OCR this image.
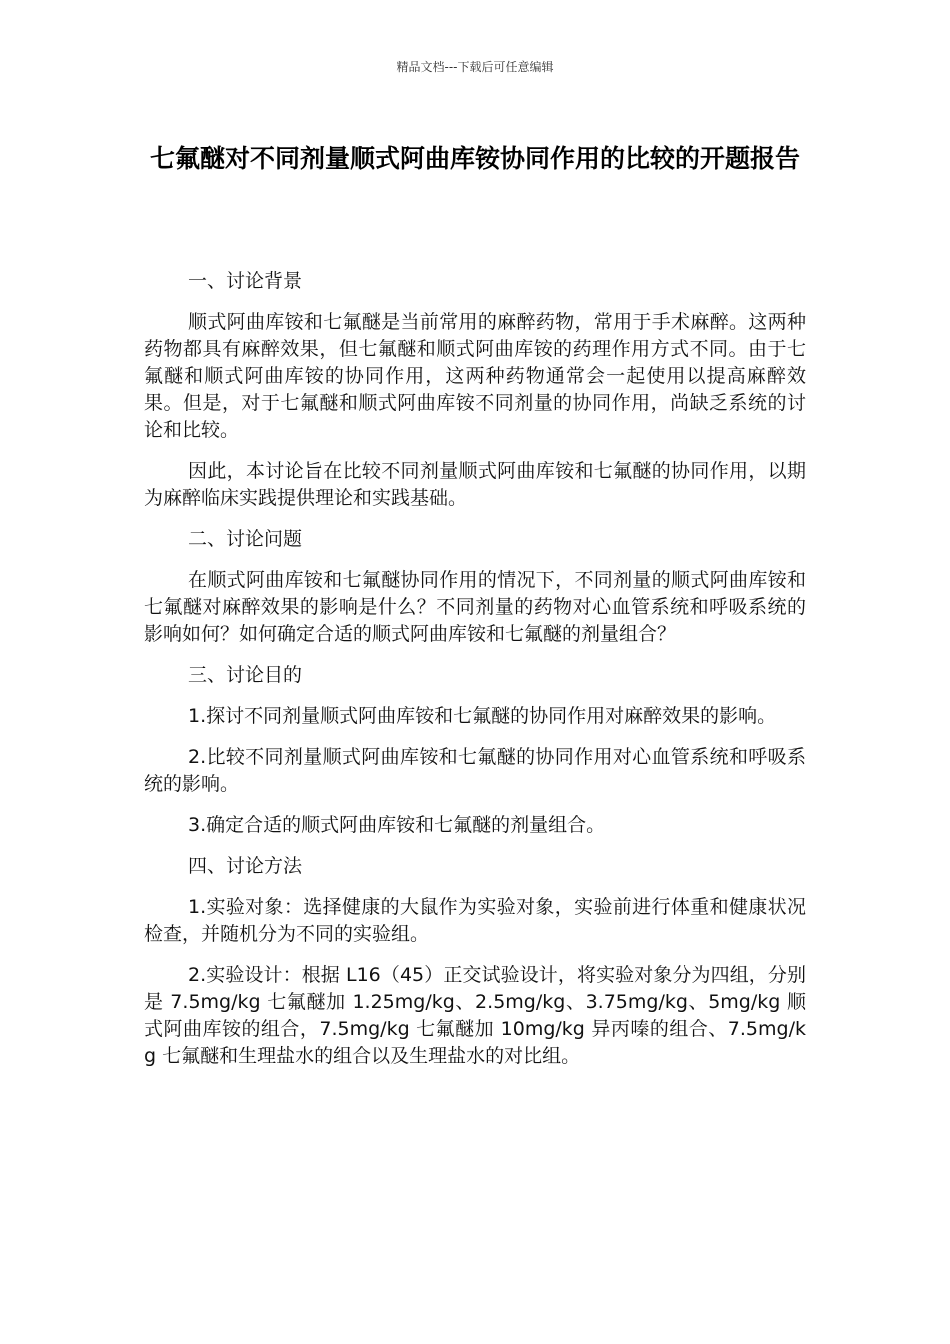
精品文档---下载后可任意编辑
七氟醚对不同剂量顺式阿曲库铵协同作用的比较的开题报告

一、讨论背景

顺式阿曲库铵和七氟醚是当前常用的麻醉药物，常用于手术麻醉。这两种药物都具有麻醉效果，但七氟醚和顺式阿曲库铵的药理作用方式不同。由于七氟醚和顺式阿曲库铵的协同作用，这两种药物通常会一起使用以提高麻醉效果。但是，对于七氟醚和顺式阿曲库铵不同剂量的协同作用，尚缺乏系统的讨论和比较。

因此，本讨论旨在比较不同剂量顺式阿曲库铵和七氟醚的协同作用，以期为麻醉临床实践提供理论和实践基础。

二、讨论问题

在顺式阿曲库铵和七氟醚协同作用的情况下，不同剂量的顺式阿曲库铵和七氟醚对麻醉效果的影响是什么？不同剂量的药物对心血管系统和呼吸系统的影响如何？如何确定合适的顺式阿曲库铵和七氟醚的剂量组合？

三、讨论目的

1.探讨不同剂量顺式阿曲库铵和七氟醚的协同作用对麻醉效果的影响。

2.比较不同剂量顺式阿曲库铵和七氟醚的协同作用对心血管系统和呼吸系统的影响。

3.确定合适的顺式阿曲库铵和七氟醚的剂量组合。

四、讨论方法

1.实验对象：选择健康的大鼠作为实验对象，实验前进行体重和健康状况检查，并随机分为不同的实验组。

2.实验设计：根据 L16（45）正交试验设计，将实验对象分为四组，分别是 7.5mg/kg 七氟醚加 1.25mg/kg、2.5mg/kg、3.75mg/kg、5mg/kg 顺式阿曲库铵的组合，7.5mg/kg 七氟醚加 10mg/kg 异丙嗪的组合、7.5mg/kg 七氟醚和生理盐水的组合以及生理盐水的对比组。
